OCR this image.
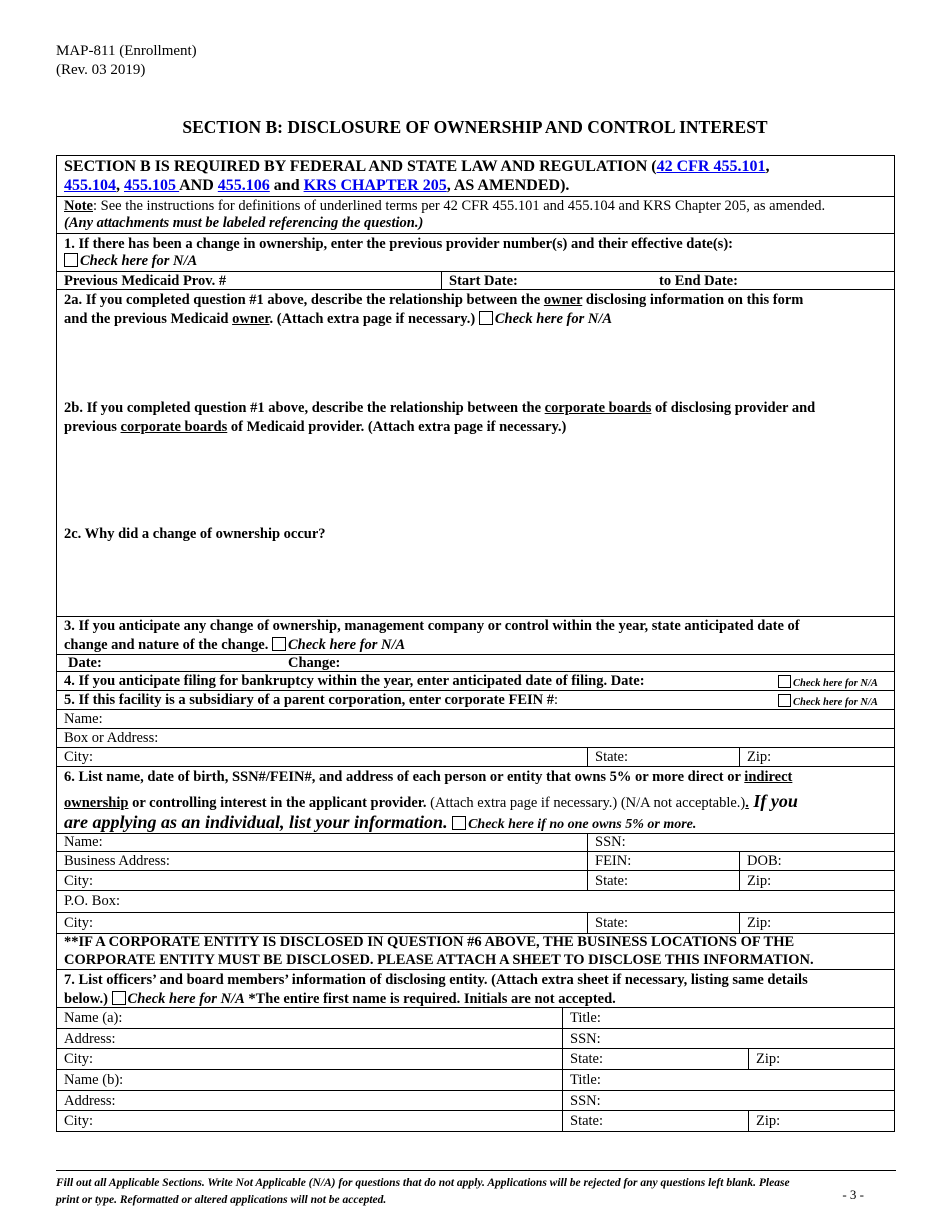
MAP-811 (Enrollment)
(Rev. 03 2019)
SECTION B: DISCLOSURE OF OWNERSHIP AND CONTROL INTEREST
SECTION B IS REQUIRED BY FEDERAL AND STATE LAW AND REGULATION (42 CFR 455.101,
455.104, 455.105 AND 455.106 and KRS CHAPTER 205, AS AMENDED).
Note: See the instructions for definitions of underlined terms per 42 CFR 455.101 and 455.104 and KRS Chapter 205, as amended.
(Any attachments must be labeled referencing the question.)
1. If there has been a change in ownership, enter the previous provider number(s) and their effective date(s):
Check here for N/A
Previous Medicaid Prov. #	Start Date:	to End Date:
2a. If you completed question #1 above, describe the relationship between the owner disclosing information on this form
and the previous Medicaid owner. (Attach extra page if necessary.) Check here for N/A
2b. If you completed question #1 above, describe the relationship between the corporate boards of disclosing provider and
previous corporate boards of Medicaid provider. (Attach extra page if necessary.)
2c. Why did a change of ownership occur?
3. If you anticipate any change of ownership, management company or control within the year, state anticipated date of
change and nature of the change. Check here for N/A
Date:	Change:
4. If you anticipate filing for bankruptcy within the year, enter anticipated date of filing. Date:	Check here for N/A
5. If this facility is a subsidiary of a parent corporation, enter corporate FEIN #:	Check here for N/A
Name:
Box or Address:
City:	State:	Zip:
6. List name, date of birth, SSN#/FEIN#, and address of each person or entity that owns 5% or more direct or indirect
ownership or controlling interest in the applicant provider. (Attach extra page if necessary.) (N/A not acceptable.). If you
are applying as an individual, list your information. Check here if no one owns 5% or more.
Name:	SSN:
Business Address:	FEIN:	DOB:
City:	State:	Zip:
P.O. Box:
City:	State:	Zip:
**IF A CORPORATE ENTITY IS DISCLOSED IN QUESTION #6 ABOVE, THE BUSINESS LOCATIONS OF THE
CORPORATE ENTITY MUST BE DISCLOSED. PLEASE ATTACH A SHEET TO DISCLOSE THIS INFORMATION.
7. List officers’ and board members’ information of disclosing entity. (Attach extra sheet if necessary, listing same details
below.) Check here for N/A *The entire first name is required. Initials are not accepted.
Name (a):	Title:
Address:	SSN:
City:	State:	Zip:
Name (b):	Title:
Address:	SSN:
City:	State:	Zip:
Fill out all Applicable Sections. Write Not Applicable (N/A) for questions that do not apply. Applications will be rejected for any questions left blank. Please
print or type. Reformatted or altered applications will not be accepted.	- 3 -
